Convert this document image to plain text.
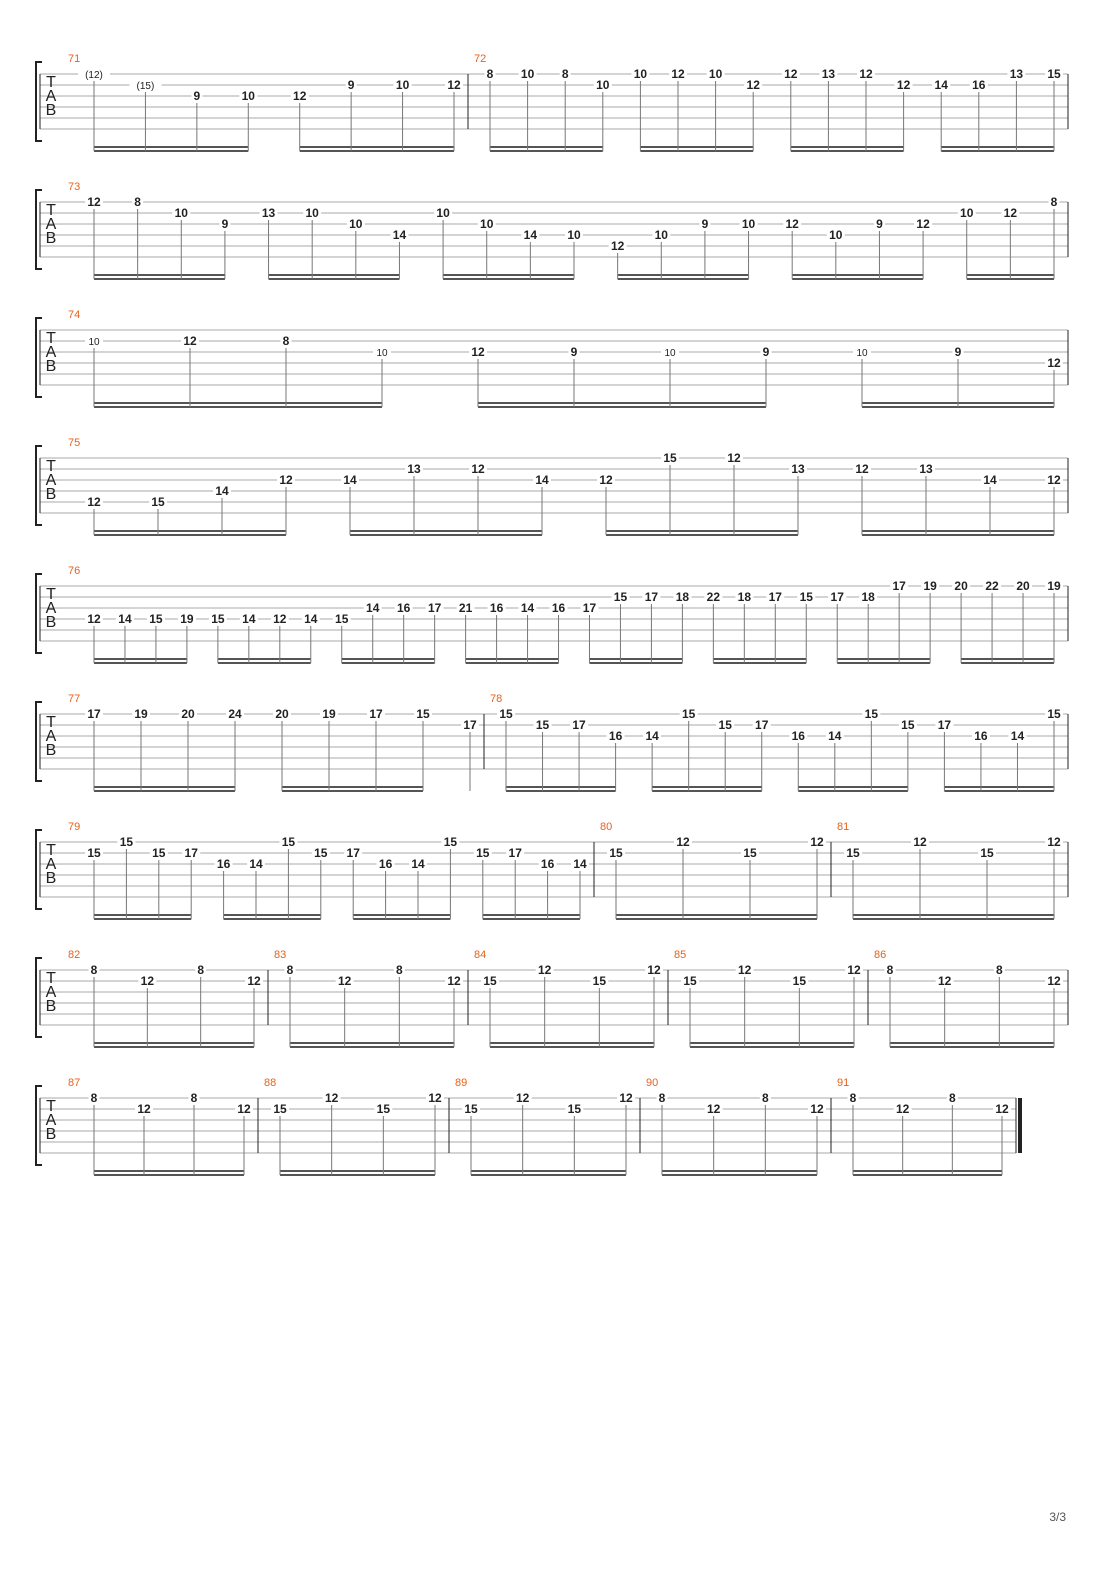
T
A
B
71
(12)
(15)
9	10	12
9	10	12
72
8 10 8
10
10 12 10
12
12 13 12
12 14 16
13 15
T
A
B
73
12	8
10
9
13	10
10
14
10
10
14	10
12
10
9	10	12
10
9	12
10	12
8
T
A
B
74
10	12	8
10	12	9	10	9	10	9
12
T
A
B
75
12	15
14
12	14
13	12
14	12
15	12
13	12	13
14	12
T
A
B
76
12 14 15 19 15 14 12 14 15
14 16 17 21 16 14 16 17
15 17 18 22 18 17 15 17 18
17 19 20 22 20 19
T
A
B
77
17	19	20	24	20	19	17	15
17
78
15
15 17
16 14
15
15 17
16 14
15
15 17
16 14
15
T
A
B
79
15
15
15 17
16 14
15
15 17
16 14
15
15 17
16 14
80
15
12
15
12
81
15
12
15
12
T
A
B
82
8
12
8
12
83
8
12
8
12
84
15
12
15
12
85
15
12
15
12
86
8
12
8
12
T
A
B
87
8
12
8
12
88
15
12
15
12
89
15
12
15
12
90
8
12
8
12
91
8
12
8
12
3/3
